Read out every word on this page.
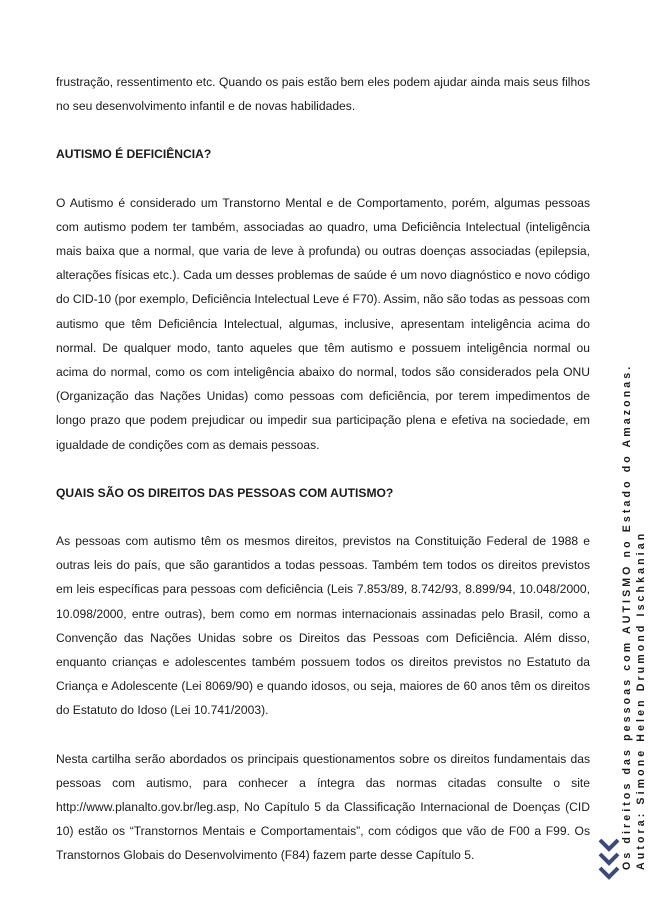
frustração, ressentimento etc. Quando os pais estão bem eles podem ajudar ainda mais seus filhos no seu desenvolvimento infantil e de novas habilidades.

AUTISMO É DEFICIÊNCIA?

O Autismo é considerado um Transtorno Mental e de Comportamento, porém, algumas pessoas com autismo podem ter também, associadas ao quadro, uma Deficiência Intelectual (inteligência mais baixa que a normal, que varia de leve à profunda) ou outras doenças associadas (epilepsia, alterações físicas etc.). Cada um desses problemas de saúde é um novo diagnóstico e novo código do CID-10 (por exemplo, Deficiência Intelectual Leve é F70). Assim, não são todas as pessoas com autismo que têm Deficiência Intelectual, algumas, inclusive, apresentam inteligência acima do normal. De qualquer modo, tanto aqueles que têm autismo e possuem inteligência normal ou acima do normal, como os com inteligência abaixo do normal, todos são considerados pela ONU (Organização das Nações Unidas) como pessoas com deficiência, por terem impedimentos de longo prazo que podem prejudicar ou impedir sua participação plena e efetiva na sociedade, em igualdade de condições com as demais pessoas.

QUAIS SÃO OS DIREITOS DAS PESSOAS COM AUTISMO?

As pessoas com autismo têm os mesmos direitos, previstos na Constituição Federal de 1988 e outras leis do país, que são garantidos a todas pessoas. Também tem todos os direitos previstos em leis específicas para pessoas com deficiência (Leis 7.853/89, 8.742/93, 8.899/94, 10.048/2000, 10.098/2000, entre outras), bem como em normas internacionais assinadas pelo Brasil, como a Convenção das Nações Unidas sobre os Direitos das Pessoas com Deficiência. Além disso, enquanto crianças e adolescentes também possuem todos os direitos previstos no Estatuto da Criança e Adolescente (Lei 8069/90) e quando idosos, ou seja, maiores de 60 anos têm os direitos do Estatuto do Idoso (Lei 10.741/2003).

Nesta cartilha serão abordados os principais questionamentos sobre os direitos fundamentais das pessoas com autismo, para conhecer a íntegra das normas citadas consulte o site http://www.planalto.gov.br/leg.asp, No Capítulo 5 da Classificação Internacional de Doenças (CID 10) estão os “Transtornos Mentais e Comportamentais”, com códigos que vão de F00 a F99. Os Transtornos Globais do Desenvolvimento (F84) fazem parte desse Capítulo 5.	Os direitos das pessoas com AUTISMO no Estado do Amazonas. Autora: Simone Helen Drumond Ischkanian
